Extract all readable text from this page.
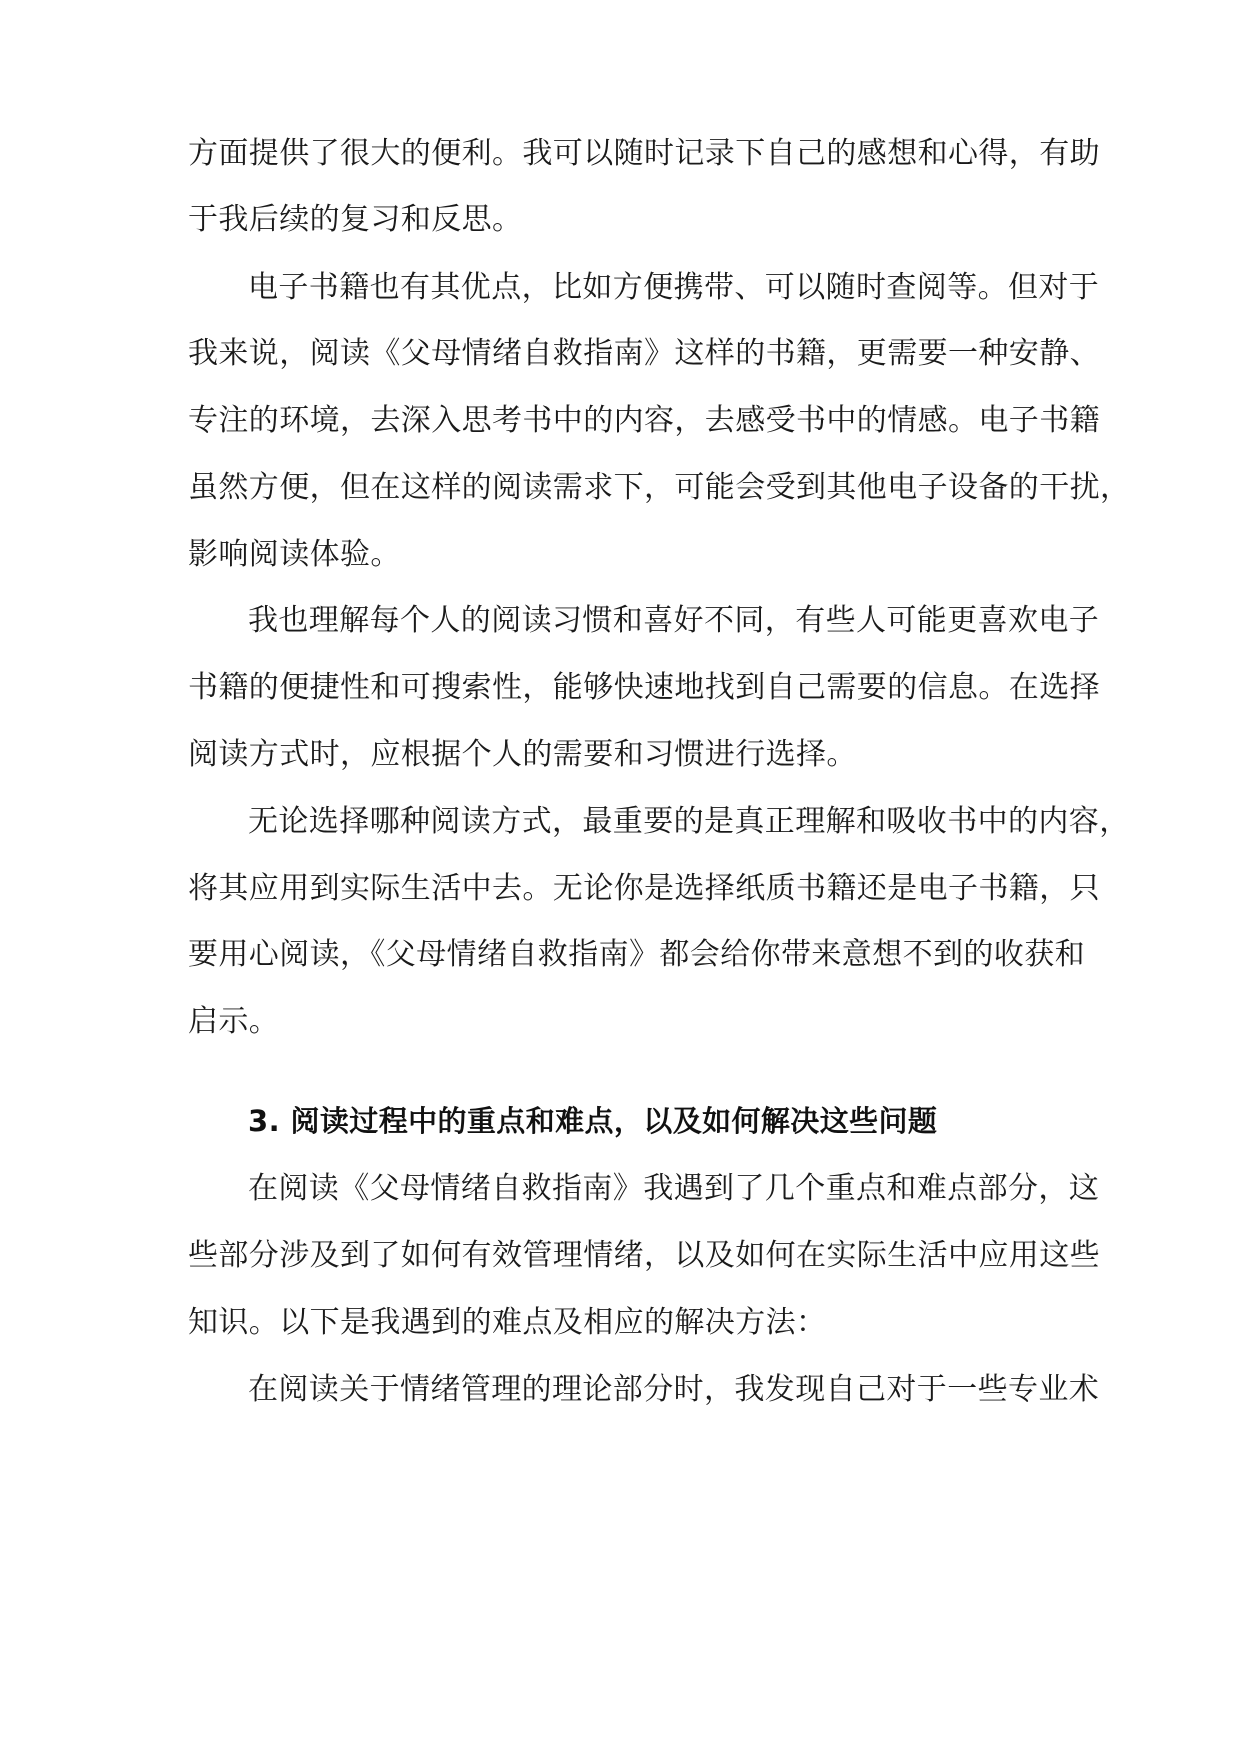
方面提供了很大的便利。我可以随时记录下自己的感想和心得，有助
于我后续的复习和反思。
电子书籍也有其优点，比如方便携带、可以随时查阅等。但对于
我来说，阅读《父母情绪自救指南》这样的书籍，更需要一种安静、
专注的环境，去深入思考书中的内容，去感受书中的情感。电子书籍
虽然方便，但在这样的阅读需求下，可能会受到其他电子设备的干扰，
影响阅读体验。
我也理解每个人的阅读习惯和喜好不同，有些人可能更喜欢电子
书籍的便捷性和可搜索性，能够快速地找到自己需要的信息。在选择
阅读方式时，应根据个人的需要和习惯进行选择。
无论选择哪种阅读方式，最重要的是真正理解和吸收书中的内容，
将其应用到实际生活中去。无论你是选择纸质书籍还是电子书籍，只
要用心阅读，《父母情绪自救指南》都会给你带来意想不到的收获和
启示。
3. 阅读过程中的重点和难点，以及如何解决这些问题
在阅读《父母情绪自救指南》我遇到了几个重点和难点部分，这
些部分涉及到了如何有效管理情绪，以及如何在实际生活中应用这些
知识。以下是我遇到的难点及相应的解决方法：
在阅读关于情绪管理的理论部分时，我发现自己对于一些专业术
